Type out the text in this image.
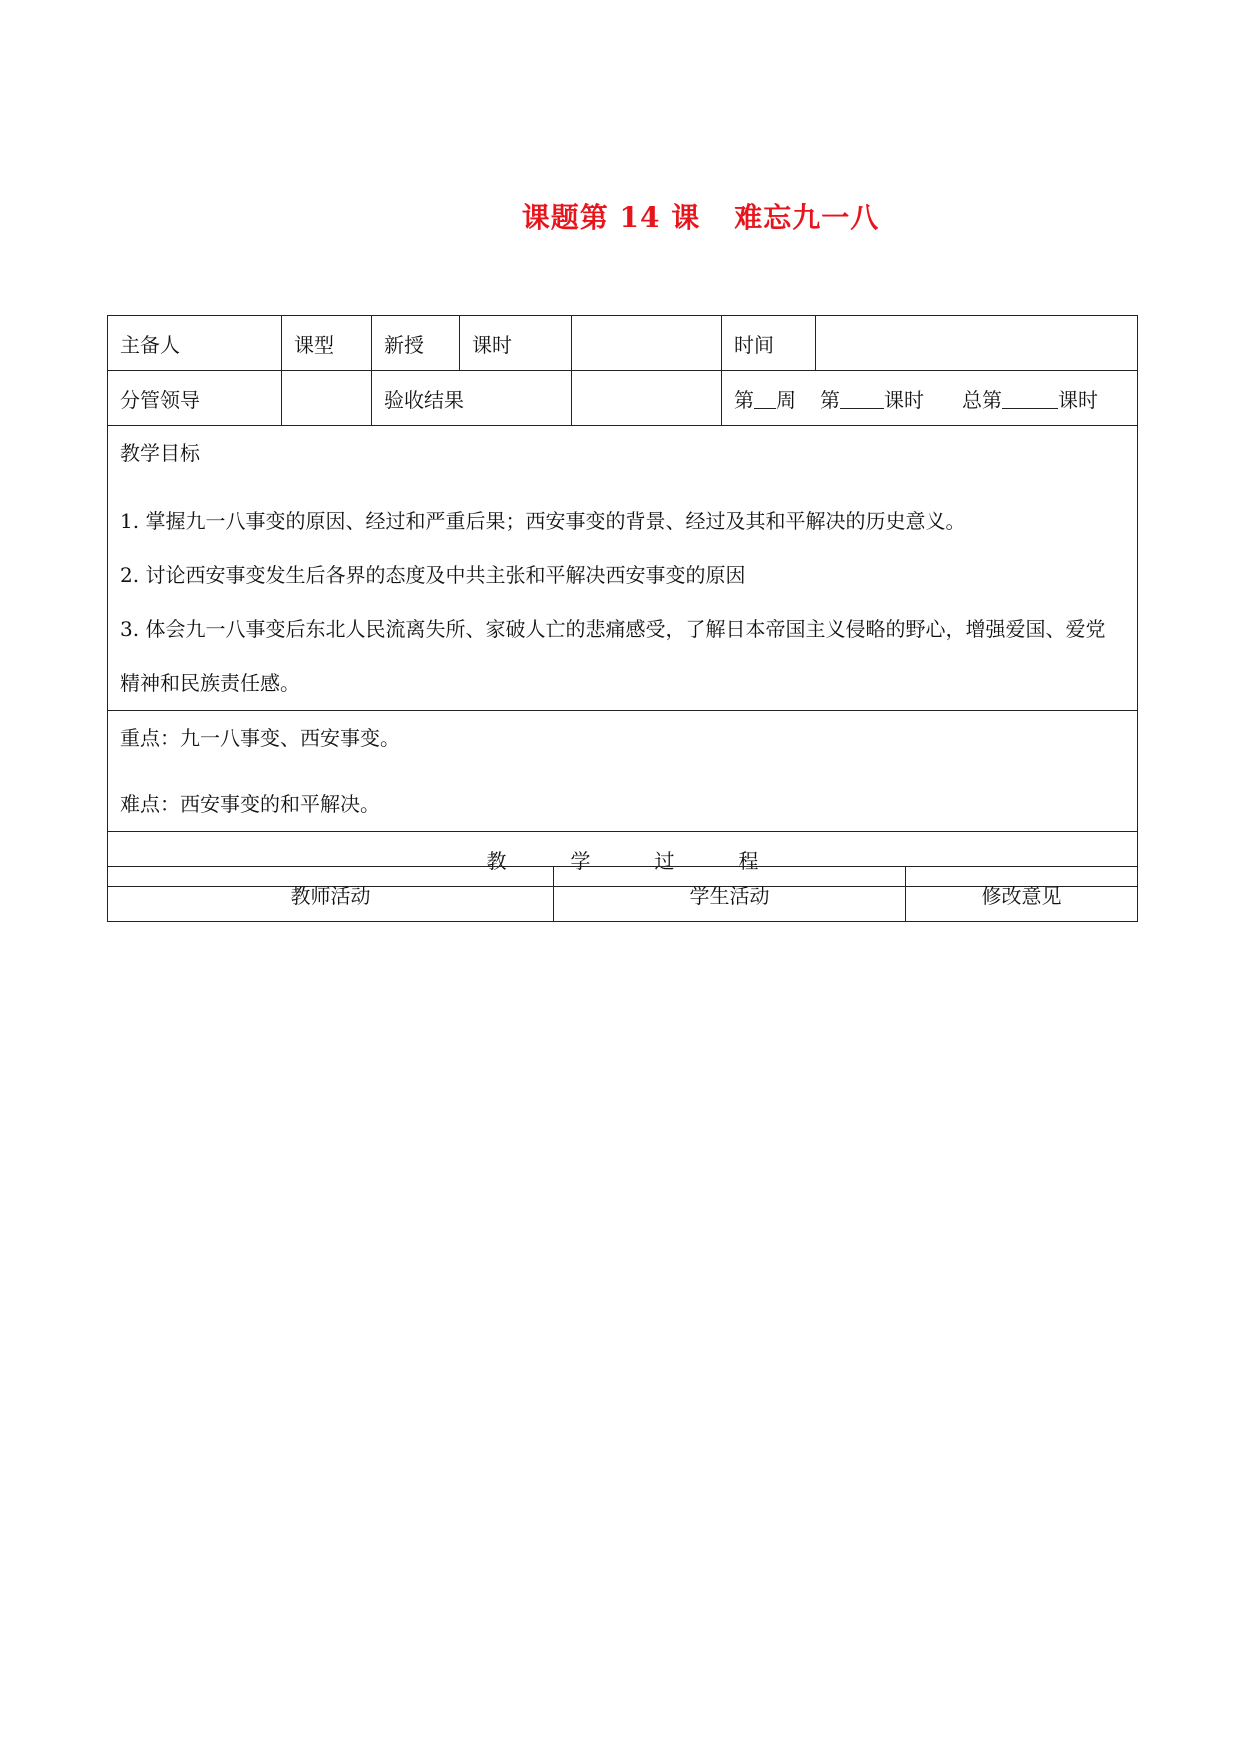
课题第 14 课 难忘九一八
主备人	课型	新授	课时		时间	
分管领导		验收结果			第 周 第 课时 总第 课时	

教学目标

1. 掌握九一八事变的原因、经过和严重后果；西安事变的背景、经过及其和平解决的历史意义。

2. 讨论西安事变发生后各界的态度及中共主张和平解决西安事变的原因

3. 体会九一八事变后东北人民流离失所、家破人亡的悲痛感受，了解日本帝国主义侵略的野心，增强爱国、爱党精神和民族责任感。						

重点：九一八事变、西安事变。

难点：西安事变的和平解决。						

教 学 过 程						
教师活动	学生活动	修改意见
